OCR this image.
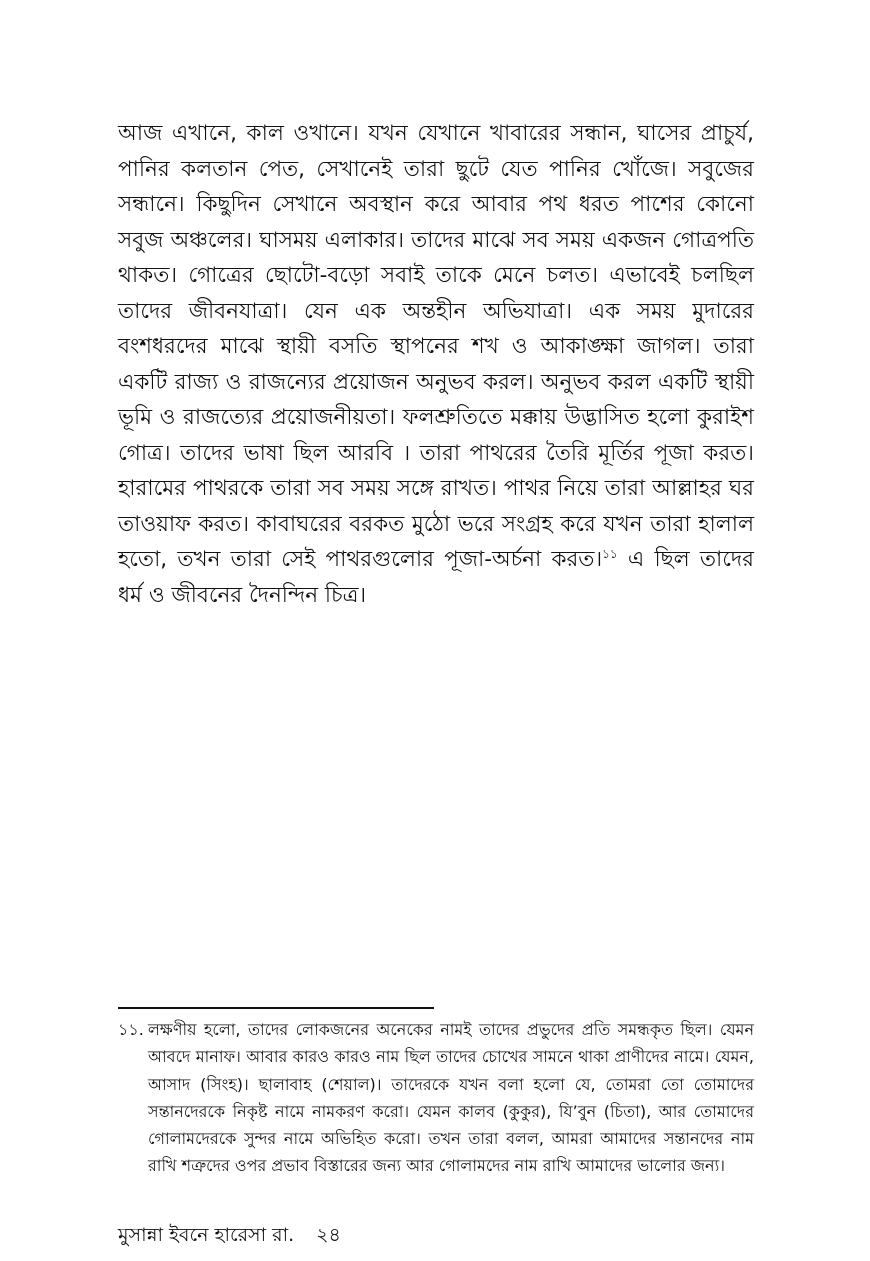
আজ এখানে, কাল ওখানে। যখন যেখানে খাবারের সন্ধান, ঘাসের প্রাচুর্য, পানির কলতান পেত, সেখানেই তারা ছুটে যেত পানির খোঁজে। সবুজের সন্ধানে। কিছুদিন সেখানে অবস্থান করে আবার পথ ধরত পাশের কোনো সবুজ অঞ্চলের। ঘাসময় এলাকার। তাদের মাঝে সব সময় একজন গোত্রপতি থাকত। গোত্রের ছোটো-বড়ো সবাই তাকে মেনে চলত। এভাবেই চলছিল তাদের জীবনযাত্রা। যেন এক অন্তহীন অভিযাত্রা। এক সময় মুদারের বংশধরদের মাঝে স্থায়ী বসতি স্থাপনের শখ ও আকাঙ্ক্ষা জাগল। তারা একটি রাজ্য ও রাজন্যের প্রয়োজন অনুভব করল। অনুভব করল একটি স্থায়ী ভূমি ও রাজত্যের প্রয়োজনীয়তা। ফলশ্রুতিতে মক্কায় উদ্ভাসিত হলো কুরাইশ গোত্র। তাদের ভাষা ছিল আরবি । তারা পাথরের তৈরি মূর্তির পূজা করত। হারামের পাথরকে তারা সব সময় সঙ্গে রাখত। পাথর নিয়ে তারা আল্লাহর ঘর তাওয়াফ করত। কাবাঘরের বরকত মুঠো ভরে সংগ্রহ করে যখন তারা হালাল হতো, তখন তারা সেই পাথরগুলোর পূজা-অর্চনা করত।$^{১১}$ এ ছিল তাদের ধর্ম ও জীবনের দৈনন্দিন চিত্র।

১১. লক্ষণীয় হলো, তাদের লোকজনের অনেকের নামই তাদের প্রভুদের প্রতি সমন্ধকৃত ছিল। যেমন আবদে মানাফ। আবার কারও কারও নাম ছিল তাদের চোখের সামনে থাকা প্রাণীদের নামে। যেমন, আসাদ (সিংহ)। ছালাবাহ (শেয়াল)। তাদেরকে যখন বলা হলো যে, তোমরা তো তোমাদের সন্তানদেরকে নিকৃষ্ট নামে নামকরণ করো। যেমন কালব (কুকুর), যি’বুন (চিতা), আর তোমাদের গোলামদেরকে সুন্দর নামে অভিহিত করো। তখন তারা বলল, আমরা আমাদের সন্তানদের নাম রাখি শত্রুদের ওপর প্রভাব বিস্তারের জন্য আর গোলামদের নাম রাখি আমাদের ভালোর জন্য।

মুসান্না ইবনে হারেসা রা. ২৪
